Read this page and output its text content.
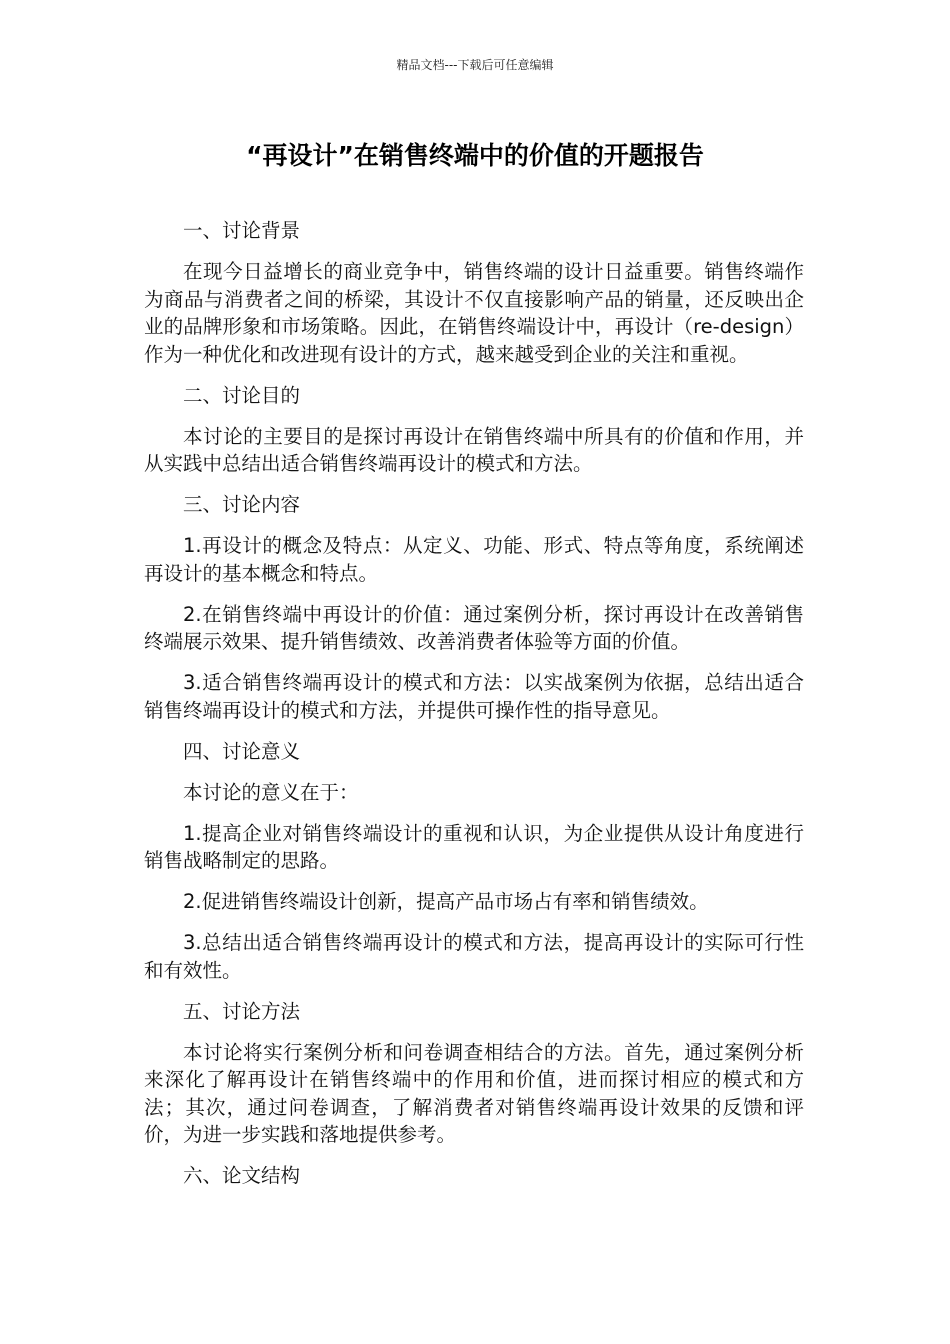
精品文档---下载后可任意编辑
“再设计”在销售终端中的价值的开题报告

一、讨论背景

在现今日益增长的商业竞争中，销售终端的设计日益重要。销售终端作为商品与消费者之间的桥梁，其设计不仅直接影响产品的销量，还反映出企业的品牌形象和市场策略。因此，在销售终端设计中，再设计（re-design）作为一种优化和改进现有设计的方式，越来越受到企业的关注和重视。

二、讨论目的

本讨论的主要目的是探讨再设计在销售终端中所具有的价值和作用，并从实践中总结出适合销售终端再设计的模式和方法。

三、讨论内容

1.再设计的概念及特点：从定义、功能、形式、特点等角度，系统阐述再设计的基本概念和特点。

2.在销售终端中再设计的价值：通过案例分析，探讨再设计在改善销售终端展示效果、提升销售绩效、改善消费者体验等方面的价值。

3.适合销售终端再设计的模式和方法：以实战案例为依据，总结出适合销售终端再设计的模式和方法，并提供可操作性的指导意见。

四、讨论意义

本讨论的意义在于：

1.提高企业对销售终端设计的重视和认识，为企业提供从设计角度进行销售战略制定的思路。

2.促进销售终端设计创新，提高产品市场占有率和销售绩效。

3.总结出适合销售终端再设计的模式和方法，提高再设计的实际可行性和有效性。

五、讨论方法

本讨论将实行案例分析和问卷调查相结合的方法。首先，通过案例分析来深化了解再设计在销售终端中的作用和价值，进而探讨相应的模式和方法；其次，通过问卷调查，了解消费者对销售终端再设计效果的反馈和评价，为进一步实践和落地提供参考。

六、论文结构
